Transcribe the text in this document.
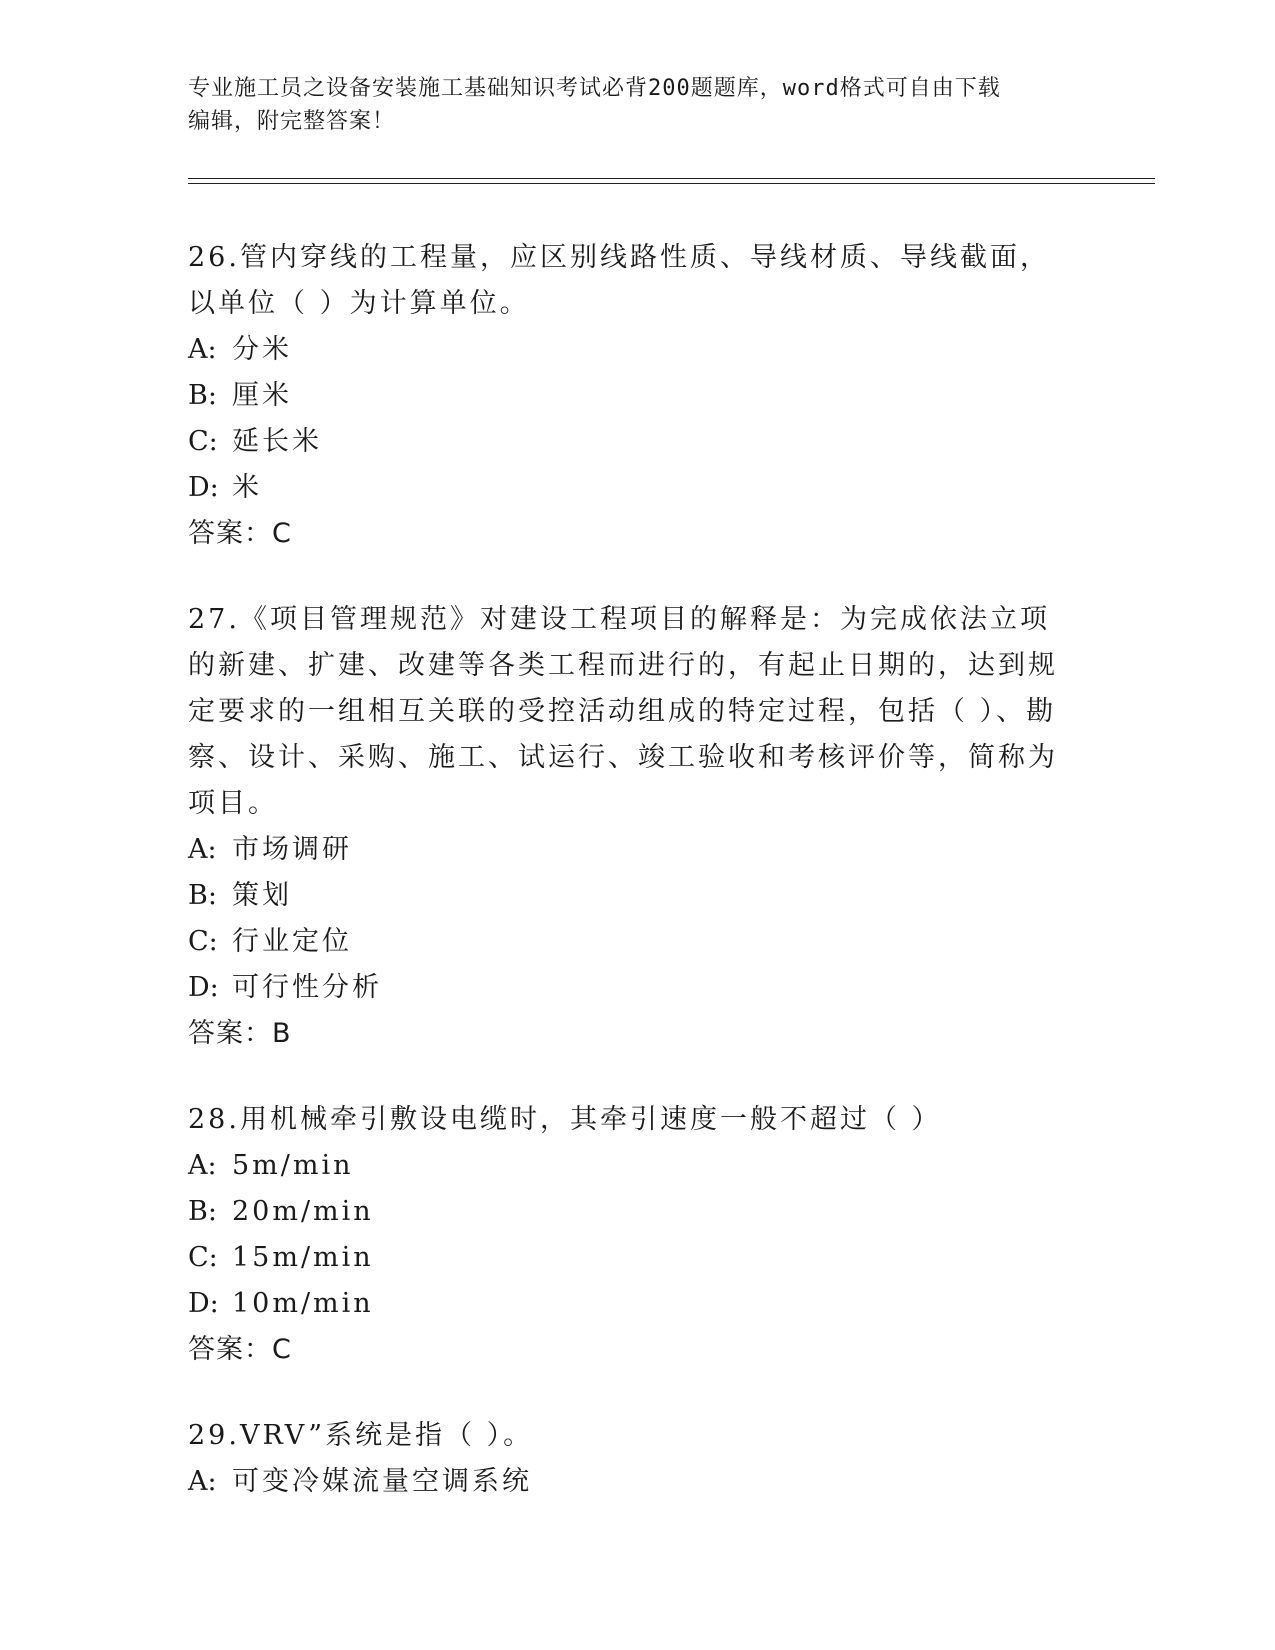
专业施工员之设备安装施工基础知识考试必背200题题库，word格式可自由下载
编辑，附完整答案！

26.管内穿线的工程量，应区别线路性质、导线材质、导线截面，以单位（ ）为计算单位。

A: 分米

B: 厘米

C: 延长米

D: 米

答案：C

27.《项目管理规范》对建设工程项目的解释是：为完成依法立项的新建、扩建、改建等各类工程而进行的，有起止日期的，达到规定要求的一组相互关联的受控活动组成的特定过程，包括（ ）、勘察、设计、采购、施工、试运行、竣工验收和考核评价等，简称为项目。

A: 市场调研

B: 策划

C: 行业定位

D: 可行性分析

答案：B

28.用机械牵引敷设电缆时，其牵引速度一般不超过（ ）

A: 5m/min

B: 20m/min

C: 15m/min

D: 10m/min

答案：C

29.VRV”系统是指（ ）。

A: 可变冷媒流量空调系统
